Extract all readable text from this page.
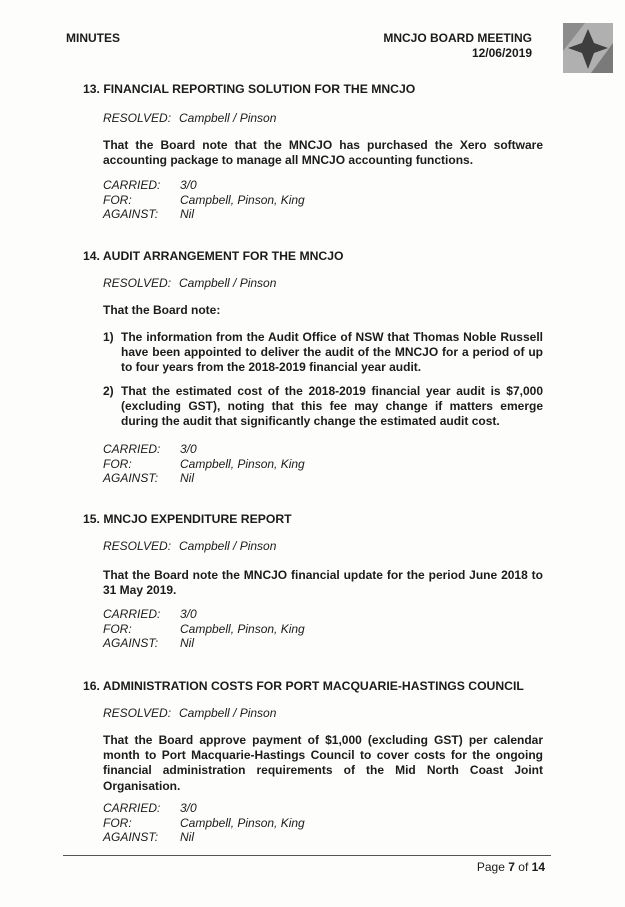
MINUTES	MNCJO BOARD MEETING
12/06/2019
13. FINANCIAL REPORTING SOLUTION FOR THE MNCJO
RESOLVED: Campbell / Pinson
That the Board note that the MNCJO has purchased the Xero software accounting package to manage all MNCJO accounting functions.
CARRIED:	3/0
FOR:	Campbell, Pinson, King
AGAINST:	Nil
14. AUDIT ARRANGEMENT FOR THE MNCJO
RESOLVED: Campbell / Pinson
That the Board note:
1) The information from the Audit Office of NSW that Thomas Noble Russell have been appointed to deliver the audit of the MNCJO for a period of up to four years from the 2018-2019 financial year audit.
2) That the estimated cost of the 2018-2019 financial year audit is $7,000 (excluding GST), noting that this fee may change if matters emerge during the audit that significantly change the estimated audit cost.
CARRIED:	3/0
FOR:	Campbell, Pinson, King
AGAINST:	Nil
15. MNCJO EXPENDITURE REPORT
RESOLVED: Campbell / Pinson
That the Board note the MNCJO financial update for the period June 2018 to 31 May 2019.
CARRIED:	3/0
FOR:	Campbell, Pinson, King
AGAINST:	Nil
16. ADMINISTRATION COSTS FOR PORT MACQUARIE-HASTINGS COUNCIL
RESOLVED: Campbell / Pinson
That the Board approve payment of $1,000 (excluding GST) per calendar month to Port Macquarie-Hastings Council to cover costs for the ongoing financial administration requirements of the Mid North Coast Joint Organisation.
CARRIED:	3/0
FOR:	Campbell, Pinson, King
AGAINST:	Nil
Page 7 of 14
